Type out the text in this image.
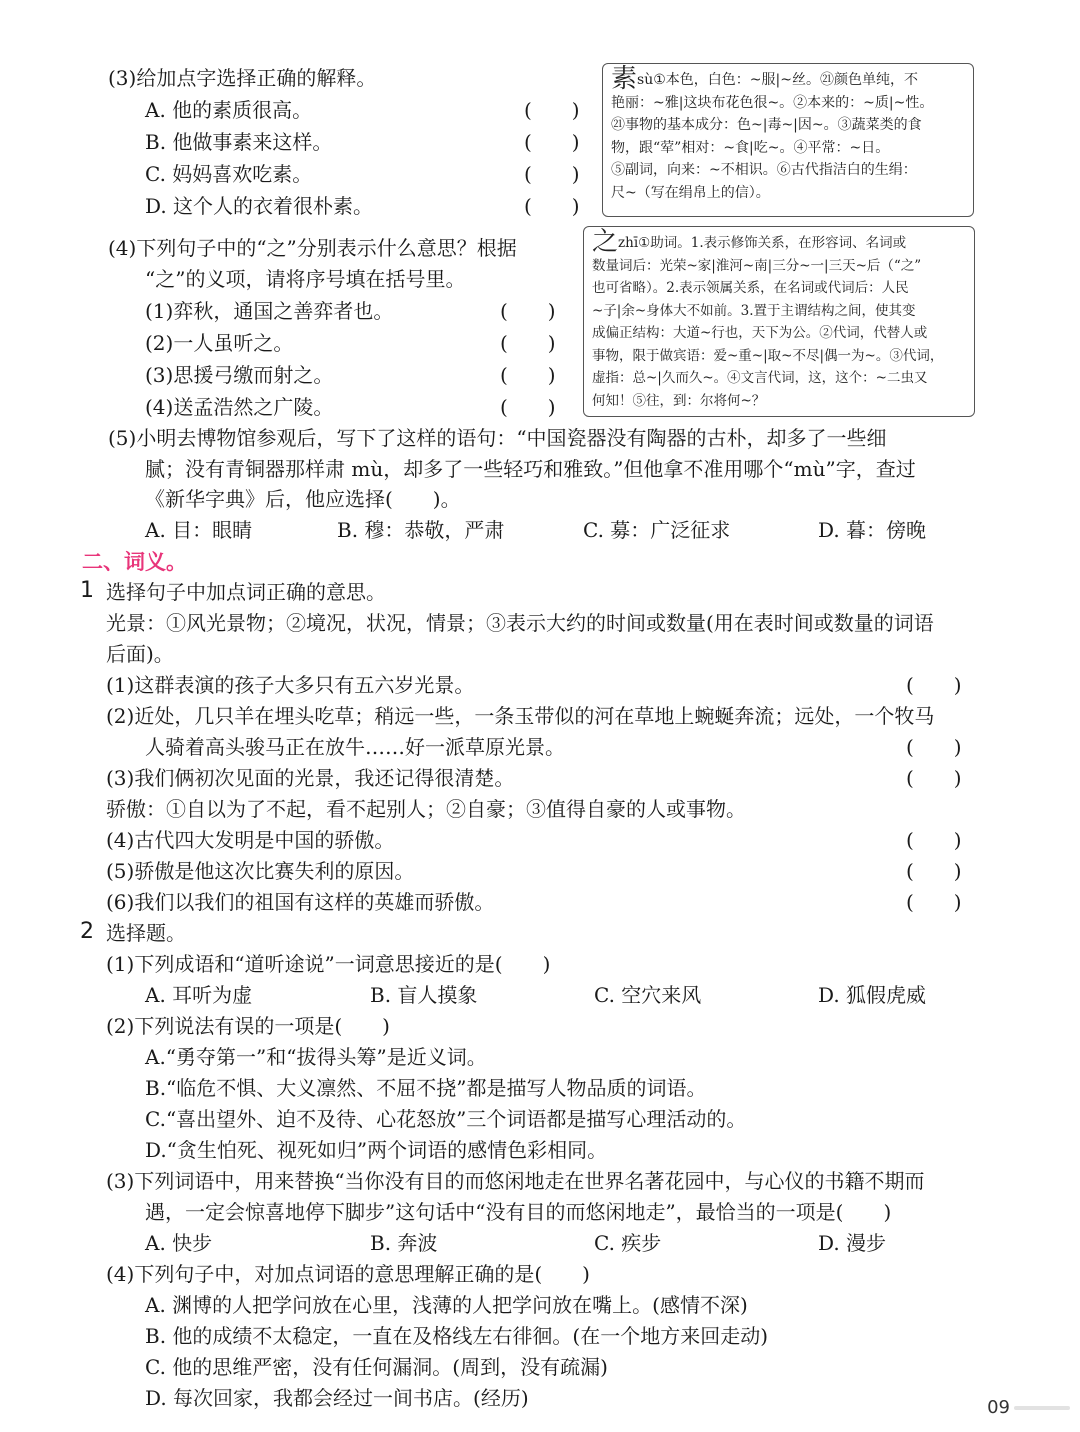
(3)给加点字选择正确的解释。
A. 他的素质很高。	(　　)
B. 他做事素来这样。	(　　)
C. 妈妈喜欢吃素。	(　　)
D. 这个人的衣着很朴素。	(　　)
素sù①本色，白色：~服|~丝。㉑颜色单纯，不
艳丽：~雅|这块布花色很~。②本来的：~质|~性。
㉑事物的基本成分：色~|毒~|因~。③蔬菜类的食
物，跟“荤”相对：~食|吃~。④平常：~日。
⑤副词，向来：~不相识。⑥古代指洁白的生绢：
尺~（写在绢帛上的信）。
(4)下列句子中的“之”分别表示什么意思？根据
“之”的义项，请将序号填在括号里。
(1)弈秋，通国之善弈者也。	(　　)
(2)一人虽听之。	(　　)
(3)思援弓缴而射之。	(　　)
(4)送孟浩然之广陵。	(　　)
之zhī①助词。1.表示修饰关系，在形容词、名词或
数量词后：光荣~家|淮河~南|三分~一|三天~后（“之”
也可省略）。2.表示领属关系，在名词或代词后：人民
~子|余~身体大不如前。3.置于主谓结构之间，使其变
成偏正结构：大道~行也，天下为公。②代词，代替人或
事物，限于做宾语：爱~重~|取~不尽|偶一为~。③代词，
虚指：总~|久而久~。④文言代词，这，这个：~二虫又
何知！⑤往，到：尔将何~？
(5)小明去博物馆参观后，写下了这样的语句：“中国瓷器没有陶器的古朴，却多了一些细
腻；没有青铜器那样肃 mù，却多了一些轻巧和雅致。”但他拿不准用哪个“mù”字，查过
《新华字典》后，他应选择(　　)。
A. 目：眼睛	B. 穆：恭敬，严肃	C. 募：广泛征求	D. 暮：傍晚
二、词义。
1 选择句子中加点词正确的意思。
光景：①风光景物；②境况，状况，情景；③表示大约的时间或数量(用在表时间或数量的词语
后面)。
(1)这群表演的孩子大多只有五六岁光景。	(　　)
(2)近处，几只羊在埋头吃草；稍远一些，一条玉带似的河在草地上蜿蜒奔流；远处，一个牧马
人骑着高头骏马正在放牛……好一派草原光景。	(　　)
(3)我们俩初次见面的光景，我还记得很清楚。	(　　)
骄傲：①自以为了不起，看不起别人；②自豪；③值得自豪的人或事物。
(4)古代四大发明是中国的骄傲。	(　　)
(5)骄傲是他这次比赛失利的原因。	(　　)
(6)我们以我们的祖国有这样的英雄而骄傲。	(　　)
2 选择题。
(1)下列成语和“道听途说”一词意思接近的是(　　)
A. 耳听为虚	B. 盲人摸象	C. 空穴来风	D. 狐假虎威
(2)下列说法有误的一项是(　　)
A.“勇夺第一”和“拔得头筹”是近义词。
B.“临危不惧、大义凛然、不屈不挠”都是描写人物品质的词语。
C.“喜出望外、迫不及待、心花怒放”三个词语都是描写心理活动的。
D.“贪生怕死、视死如归”两个词语的感情色彩相同。
(3)下列词语中，用来替换“当你没有目的而悠闲地走在世界名著花园中，与心仪的书籍不期而
遇，一定会惊喜地停下脚步”这句话中“没有目的而悠闲地走”，最恰当的一项是(　　)
A. 快步	B. 奔波	C. 疾步	D. 漫步
(4)下列句子中，对加点词语的意思理解正确的是(　　)
A. 渊博的人把学问放在心里，浅薄的人把学问放在嘴上。(感情不深)
B. 他的成绩不太稳定，一直在及格线左右徘徊。(在一个地方来回走动)
C. 他的思维严密，没有任何漏洞。(周到，没有疏漏)
D. 每次回家，我都会经过一间书店。(经历)	09
